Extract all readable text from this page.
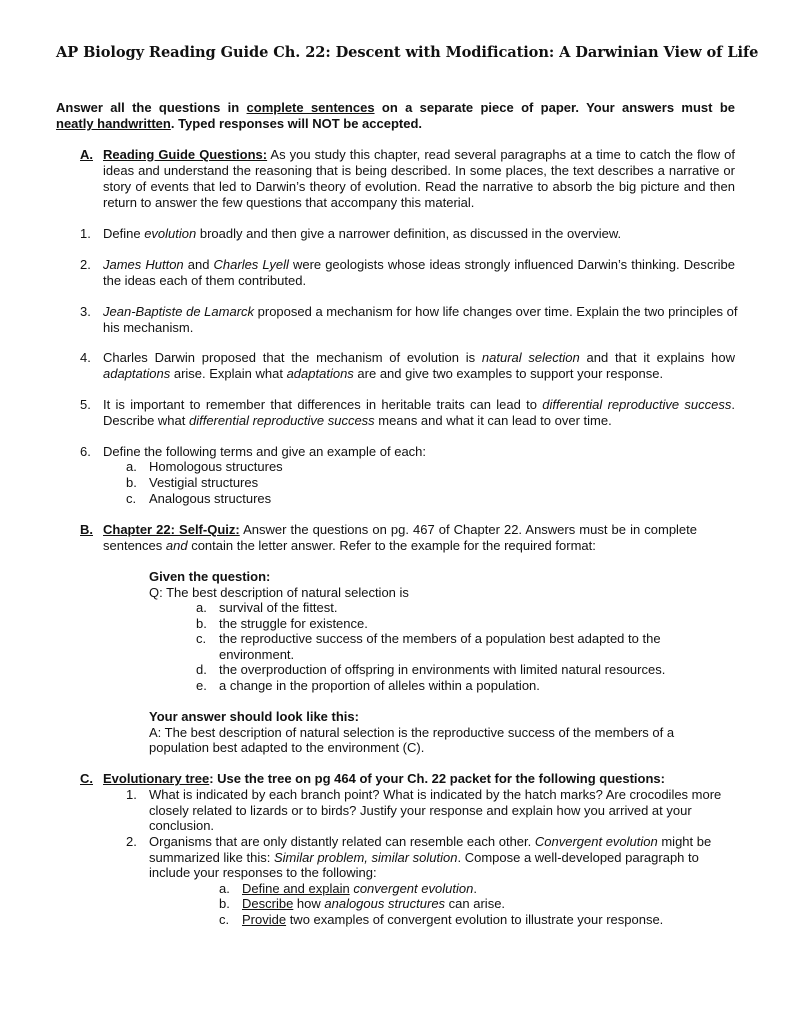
AP Biology Reading Guide Ch. 22: Descent with Modification: A Darwinian View of Life
Answer all the questions in complete sentences on a separate piece of paper. Your answers must be
neatly handwritten. Typed responses will NOT be accepted.
A. Reading Guide Questions: As you study this chapter, read several paragraphs at a time to catch the flow of
ideas and understand the reasoning that is being described. In some places, the text describes a narrative or
story of events that led to Darwin’s theory of evolution. Read the narrative to absorb the big picture and then
return to answer the few questions that accompany this material.
1. Define evolution broadly and then give a narrower definition, as discussed in the overview.
2. James Hutton and Charles Lyell were geologists whose ideas strongly influenced Darwin’s thinking. Describe
the ideas each of them contributed.
3. Jean-Baptiste de Lamarck proposed a mechanism for how life changes over time. Explain the two principles of
his mechanism.
4. Charles Darwin proposed that the mechanism of evolution is natural selection and that it explains how
adaptations arise. Explain what adaptations are and give two examples to support your response.
5. It is important to remember that differences in heritable traits can lead to differential reproductive success.
Describe what differential reproductive success means and what it can lead to over time.
6. Define the following terms and give an example of each:
a. Homologous structures
b. Vestigial structures
c. Analogous structures
B. Chapter 22: Self-Quiz: Answer the questions on pg. 467 of Chapter 22. Answers must be in complete
sentences and contain the letter answer. Refer to the example for the required format:
Given the question:
Q: The best description of natural selection is
a. survival of the fittest.
b. the struggle for existence.
c. the reproductive success of the members of a population best adapted to the
environment.
d. the overproduction of offspring in environments with limited natural resources.
e. a change in the proportion of alleles within a population.
Your answer should look like this:
A: The best description of natural selection is the reproductive success of the members of a
population best adapted to the environment (C).
C. Evolutionary tree: Use the tree on pg 464 of your Ch. 22 packet for the following questions:
1. What is indicated by each branch point? What is indicated by the hatch marks? Are crocodiles more
closely related to lizards or to birds? Justify your response and explain how you arrived at your
conclusion.
2. Organisms that are only distantly related can resemble each other. Convergent evolution might be
summarized like this: Similar problem, similar solution. Compose a well-developed paragraph to
include your responses to the following:
a. Define and explain convergent evolution.
b. Describe how analogous structures can arise.
c. Provide two examples of convergent evolution to illustrate your response.
